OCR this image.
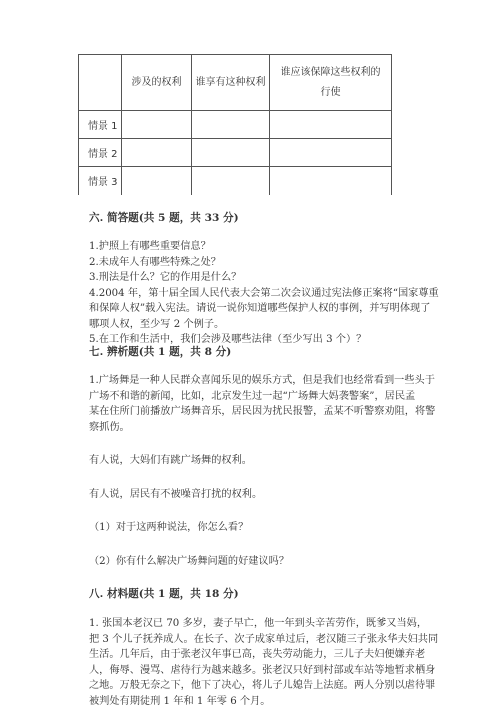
	涉及的权利	谁享有这种权利	谁应该保障这些权利的
行使

情景 1			
情景 2			
情景 3			
六. 简答题(共 5 题，共 33 分)
1.护照上有哪些重要信息？
2.未成年人有哪些特殊之处？
3.刑法是什么？它的作用是什么？
4.2004 年，第十届全国人民代表大会第二次会议通过宪法修正案将“国家尊重
和保障人权”载入宪法。请说一说你知道哪些保护人权的事例，并写明体现了
哪项人权，至少写 2 个例子。
5.在工作和生活中，我们会涉及哪些法律（至少写出 3 个）？
七. 辨析题(共 1 题，共 8 分)
1.广场舞是一种人民群众喜闻乐见的娱乐方式，但是我们也经常看到一些头于
广场不和谐的新闻，比如，北京发生过一起“广场舞大妈袭警案”，居民孟
某在住所门前播放广场舞音乐，居民因为扰民报警，孟某不听警察劝阻，将警
察抓伤。
有人说，大妈们有跳广场舞的权利。
有人说，居民有不被噪音打扰的权利。
（1）对于这两种说法，你怎么看？
（2）你有什么解决广场舞问题的好建议吗？
八. 材料题(共 1 题，共 18 分)
1. 张国本老汉已 70 多岁，妻子早亡，他一年到头辛苦劳作，既爹又当妈，
把 3 个儿子抚养成人。在长子、次子成家单过后，老汉随三子张永华夫妇共同
生活。几年后，由于张老汉年事已高，丧失劳动能力，三儿子夫妇便嫌弃老
人，侮辱、漫骂、虐待行为越来越多。张老汉只好到村部或车站等地暂求栖身
之地。万般无奈之下，他下了决心，将儿子儿媳告上法庭。两人分别以虐待罪
被判处有期徒刑 1 年和 1 年零 6 个月。
